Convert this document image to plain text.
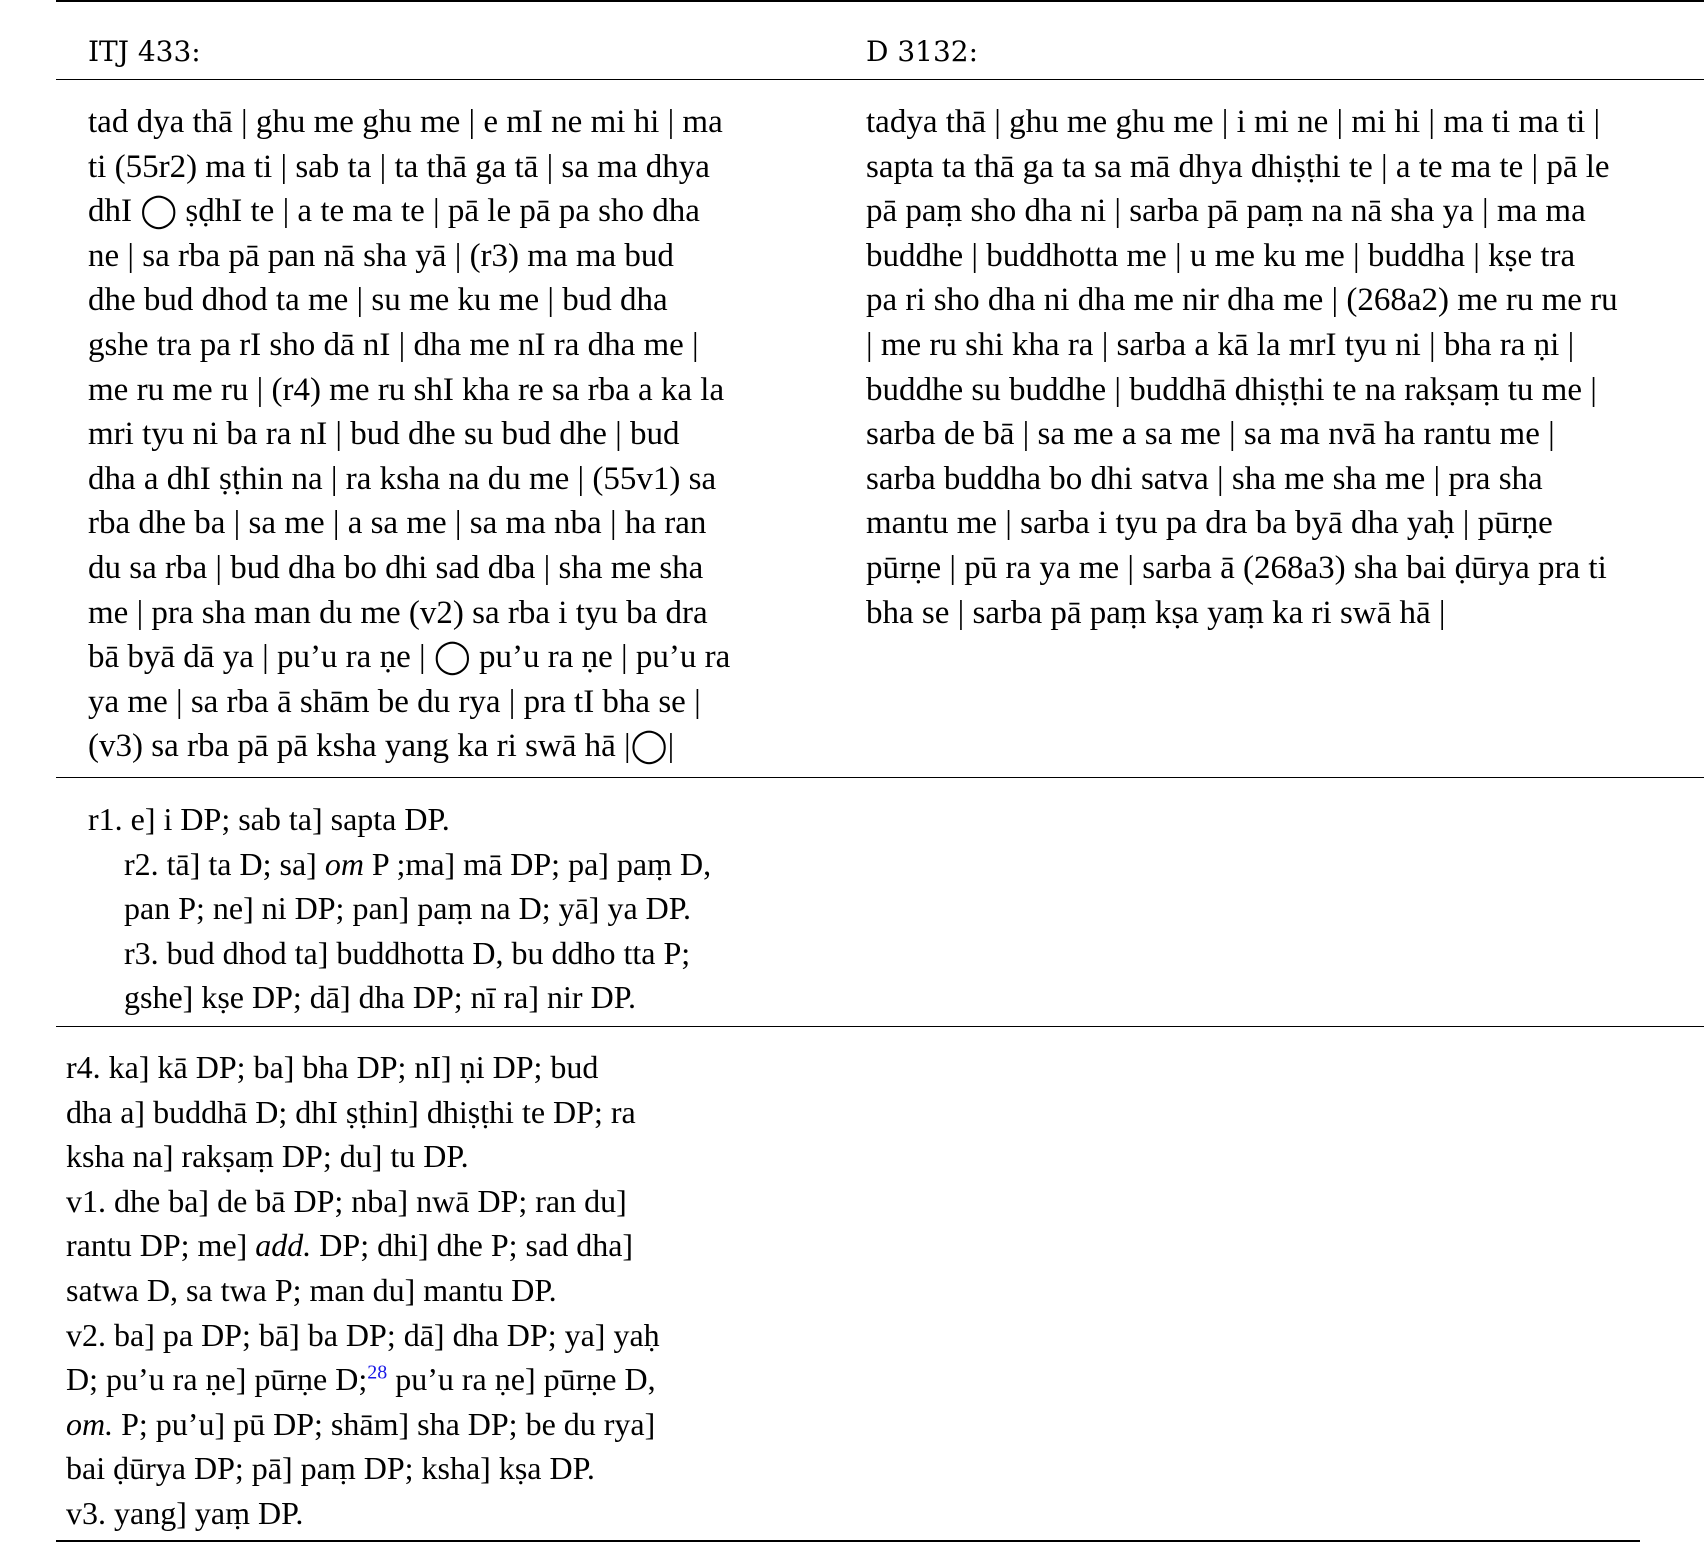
ITJ 433:	D 3132:
tad dya thā | ghu me ghu me | e mI ne mi hi | ma
ti (55r2) ma ti | sab ta | ta thā ga tā | sa ma dhya
dhI ◯ ṣḍhI te | a te ma te | pā le pā pa sho dha
ne | sa rba pā pan nā sha yā | (r3) ma ma bud
dhe bud dhod ta me | su me ku me | bud dha
gshe tra pa rI sho dā nI | dha me nI ra dha me |
me ru me ru | (r4) me ru shI kha re sa rba a ka la
mri tyu ni ba ra nI | bud dhe su bud dhe | bud
dha a dhI ṣṭhin na | ra ksha na du me | (55v1) sa
rba dhe ba | sa me | a sa me | sa ma nba | ha ran
du sa rba | bud dha bo dhi sad dba | sha me sha
me | pra sha man du me (v2) sa rba i tyu ba dra
bā byā dā ya | pu’u ra ṇe | ◯ pu’u ra ṇe | pu’u ra
ya me | sa rba ā shām be du rya | pra tI bha se |
(v3) sa rba pā pā ksha yang ka ri swā hā |◯|
tadya thā | ghu me ghu me | i mi ne | mi hi | ma ti ma ti |
sapta ta thā ga ta sa mā dhya dhiṣṭhi te | a te ma te | pā le
pā paṃ sho dha ni | sarba pā paṃ na nā sha ya | ma ma
buddhe | buddhotta me | u me ku me | buddha | kṣe tra
pa ri sho dha ni dha me nir dha me | (268a2) me ru me ru
| me ru shi kha ra | sarba a kā la mrI tyu ni | bha ra ṇi |
buddhe su buddhe | buddhā dhiṣṭhi te na rakṣaṃ tu me |
sarba de bā | sa me a sa me | sa ma nvā ha rantu me |
sarba buddha bo dhi satva | sha me sha me | pra sha
mantu me | sarba i tyu pa dra ba byā dha yaḥ | pūrṇe
pūrṇe | pū ra ya me | sarba ā (268a3) sha bai ḍūrya pra ti
bha se | sarba pā paṃ kṣa yaṃ ka ri swā hā |
r1. e] i DP; sab ta] sapta DP.
r2. tā] ta D; sa] om P ;ma] mā DP; pa] paṃ D,
pan P; ne] ni DP; pan] paṃ na D; yā] ya DP.
r3. bud dhod ta] buddhotta D, bu ddho tta P;
gshe] kṣe DP; dā] dha DP; nī ra] nir DP.
r4. ka] kā DP; ba] bha DP; nI] ṇi DP; bud
dha a] buddhā D; dhI ṣṭhin] dhiṣṭhi te DP; ra
ksha na] rakṣaṃ DP; du] tu DP.
v1. dhe ba] de bā DP; nba] nwā DP; ran du]
rantu DP; me] add. DP; dhi] dhe P; sad dha]
satwa D, sa twa P; man du] mantu DP.
v2. ba] pa DP; bā] ba DP; dā] dha DP; ya] yaḥ
D; pu’u ra ṇe] pūrṇe D;$^{28}$ pu’u ra ṇe] pūrṇe D,
om. P; pu’u] pū DP; shām] sha DP; be du rya]
bai ḍūrya DP; pā] paṃ DP; ksha] kṣa DP.
v3. yang] yaṃ DP.
